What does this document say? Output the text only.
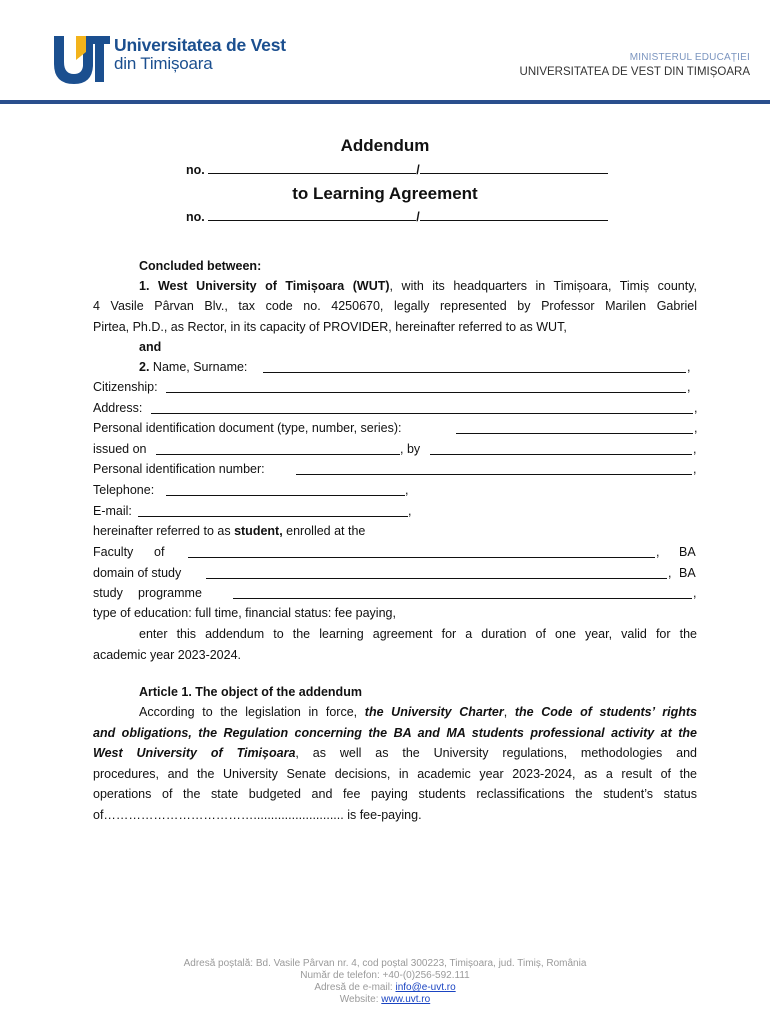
Universitatea de Vest
din Timișoara	MINISTERUL EDUCAȚIEI
UNIVERSITATEA DE VEST DIN TIMIȘOARA
Addendum
no.	/
to Learning Agreement
no.	/
Concluded between:
1. West University of Timișoara (WUT), with its headquarters in Timișoara, Timiș county,
4 Vasile Pârvan Blv., tax code no. 4250670, legally represented by Professor Marilen Gabriel
Pirtea, Ph.D., as Rector, in its capacity of PROVIDER, hereinafter referred to as WUT,
and
2. Name, Surname:	,
Citizenship:	,
Address:	,
Personal identification document (type, number, series):	,
issued on	, by	,
Personal identification number:	,
Telephone:	,
E-mail:	,
hereinafter referred to as student, enrolled at the
Faculty of	, BA
domain of study	, BA
study programme	,
type of education: full time, financial status: fee paying,
enter this addendum to the learning agreement for a duration of one year, valid for the
academic year 2023-2024.
Article 1. The object of the addendum
According to the legislation in force, the University Charter, the Code of students’ rights
and obligations, the Regulation concerning the BA and MA students professional activity at the
West University of Timișoara, as well as the University regulations, methodologies and
procedures, and the University Senate decisions, in academic year 2023-2024, as a result of the
operations of the state budgeted and fee paying students reclassifications the student’s status
of……………………………….......................... is fee-paying.
Adresă poștală: Bd. Vasile Pârvan nr. 4, cod poștal 300223, Timișoara, jud. Timiș, România
Număr de telefon: +40-(0)256-592.111
Adresă de e-mail: info@e-uvt.ro
Website: www.uvt.ro
